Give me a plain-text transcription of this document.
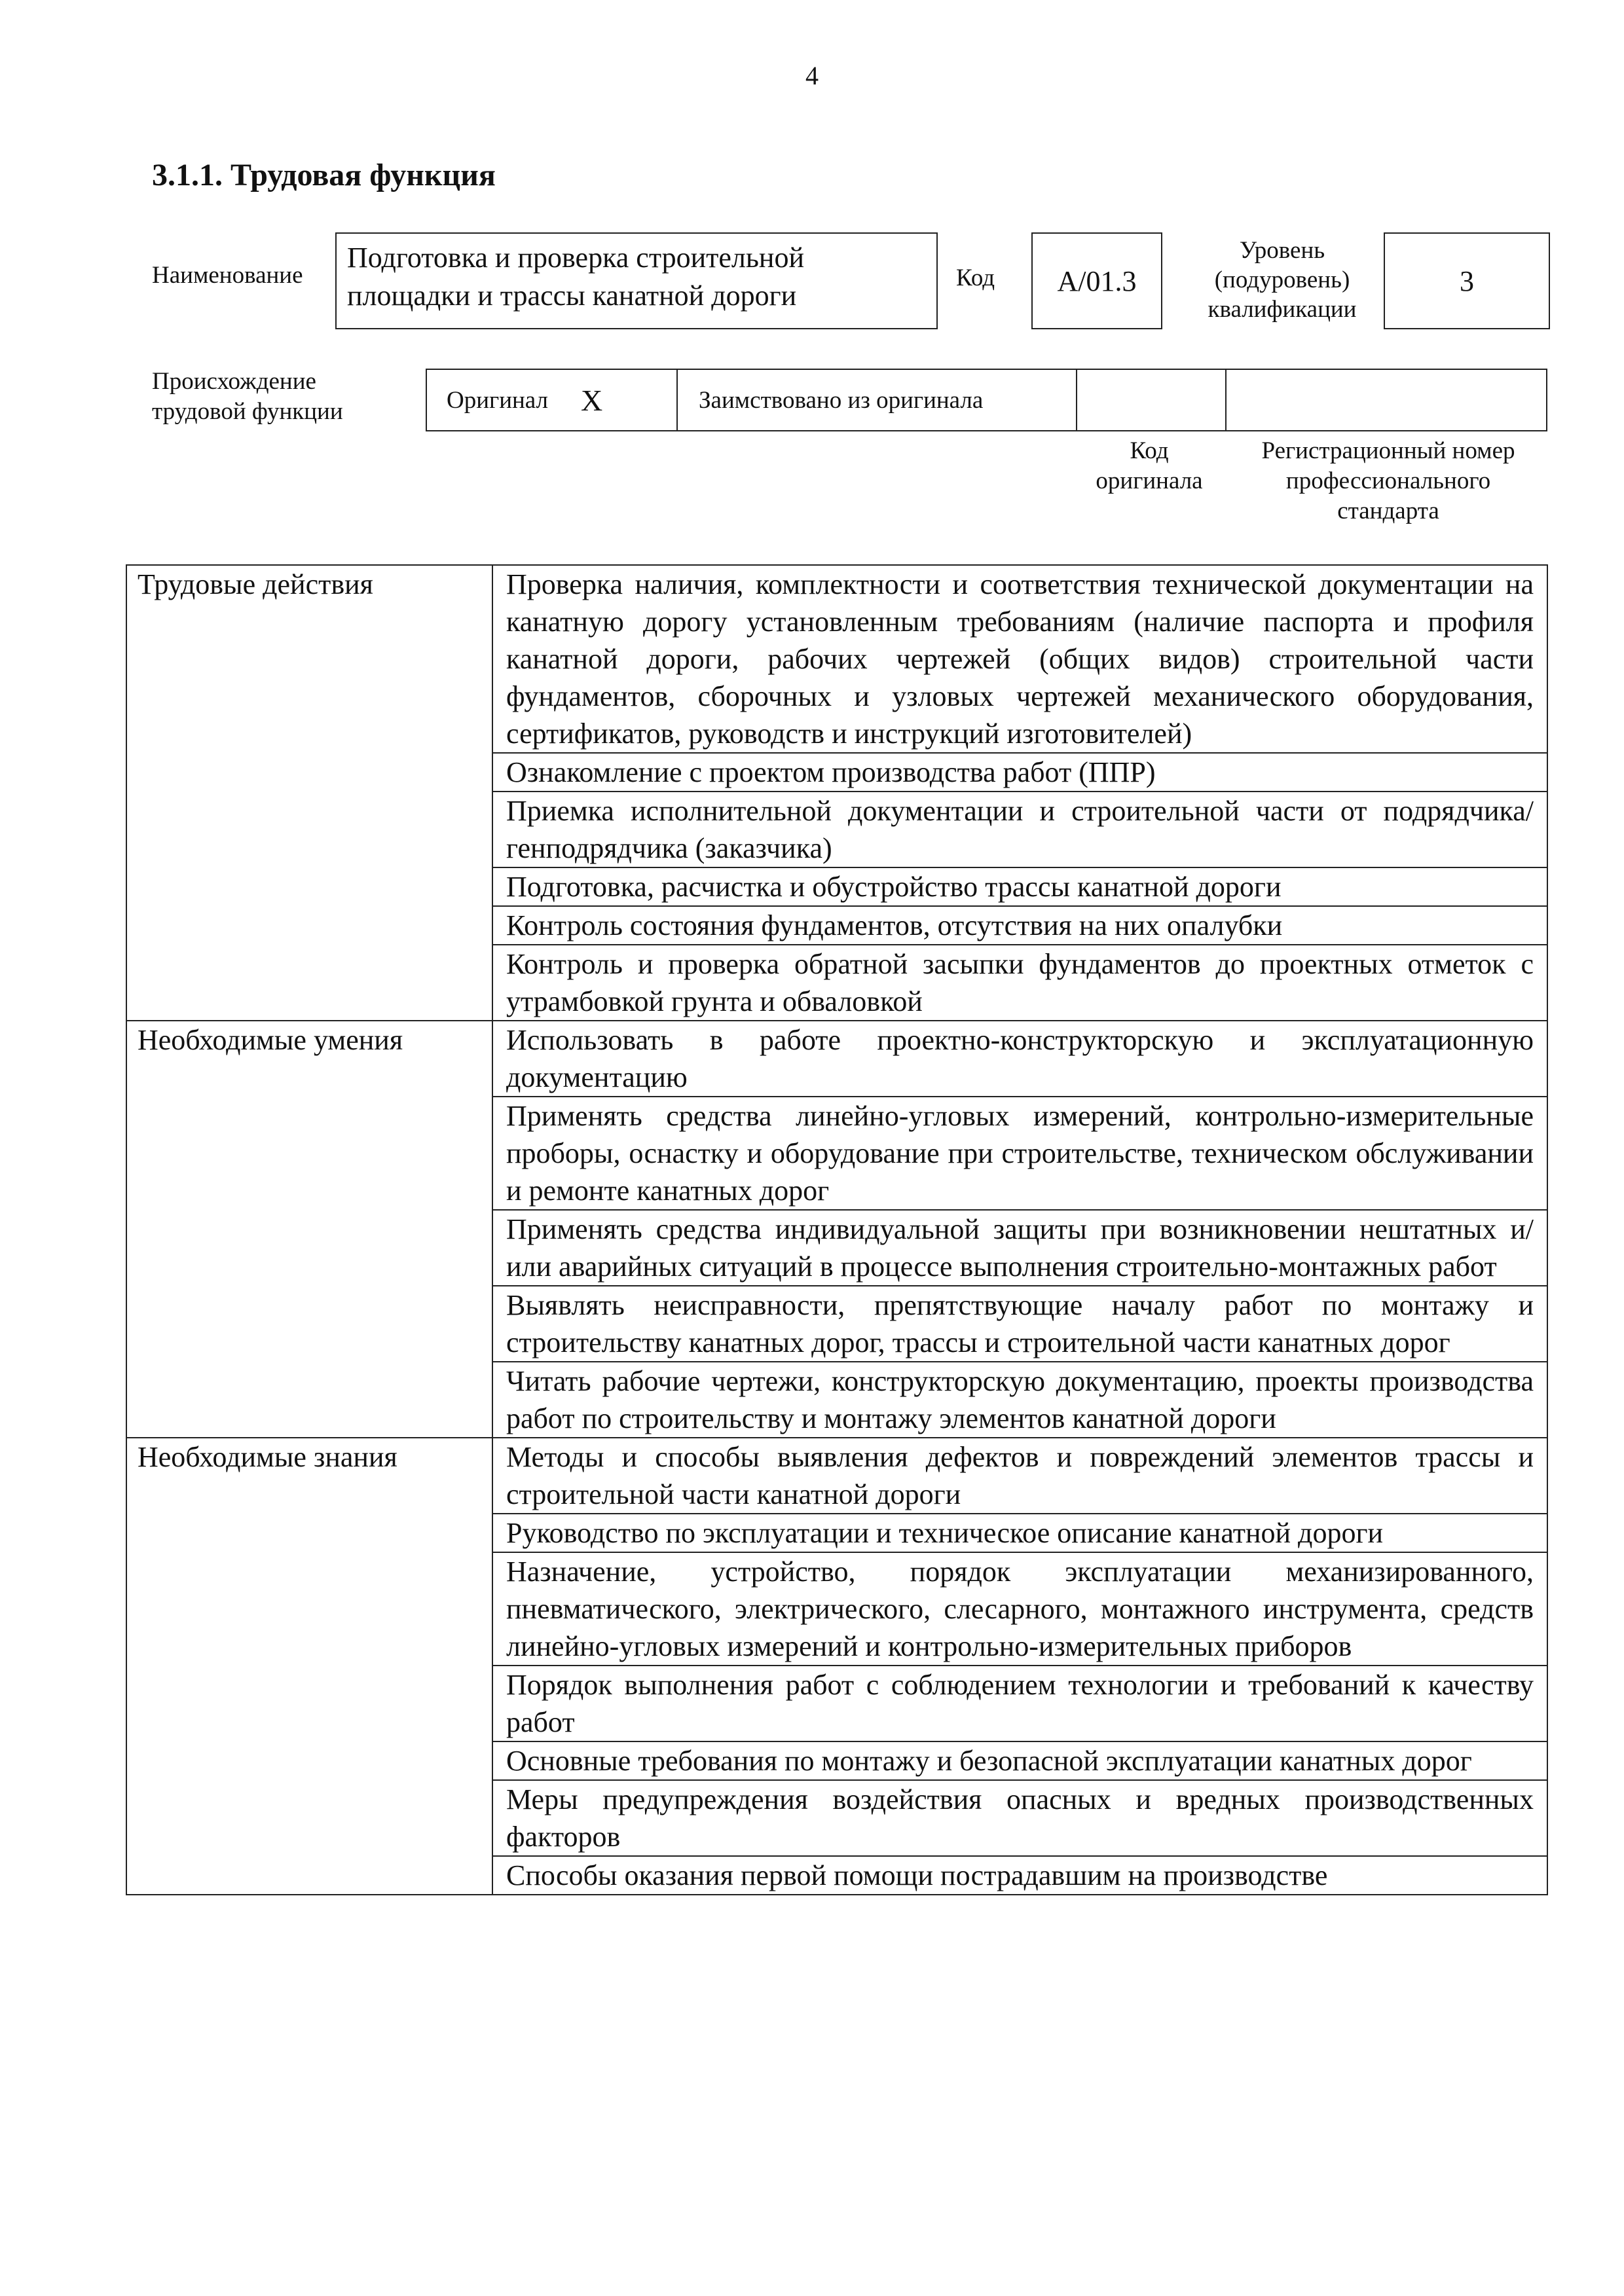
4
3.1.1. Трудовая функция
Наименование
Подготовка и проверка строительной площадки и трассы канатной дороги
Код A/01.3
Уровень
(подуровень)
квалификации
3
Происхождение
трудовой функции	Оригинал X	Заимствовано из оригинала
Код
оригинала
Регистрационный номер
профессионального
стандарта
Трудовые действия	Проверка наличия, комплектности и соответствия технической документации на канатную дорогу установленным требованиям (наличие паспорта и профиля канатной дороги, рабочих чертежей (общих видов) строительной части фундаментов, сборочных и узловых чертежей механического оборудования, сертификатов, руководств и инструкций изготовителей)
	Ознакомление с проектом производства работ (ППР)
	Приемка исполнительной документации и строительной части от подрядчика/генподрядчика (заказчика)
	Подготовка, расчистка и обустройство трассы канатной дороги
	Контроль состояния фундаментов, отсутствия на них опалубки
	Контроль и проверка обратной засыпки фундаментов до проектных отметок с утрамбовкой грунта и обваловкой
Необходимые умения	Использовать в работе проектно-конструкторскую и эксплуатационную документацию
	Применять средства линейно-угловых измерений, контрольно-измерительные проборы, оснастку и оборудование при строительстве, техническом обслуживании и ремонте канатных дорог
	Применять средства индивидуальной защиты при возникновении нештатных и/или аварийных ситуаций в процессе выполнения строительно-монтажных работ
	Выявлять неисправности, препятствующие началу работ по монтажу и строительству канатных дорог, трассы и строительной части канатных дорог
	Читать рабочие чертежи, конструкторскую документацию, проекты производства работ по строительству и монтажу элементов канатной дороги
Необходимые знания	Методы и способы выявления дефектов и повреждений элементов трассы и строительной части канатной дороги
	Руководство по эксплуатации и техническое описание канатной дороги
	Назначение, устройство, порядок эксплуатации механизированного, пневматического, электрического, слесарного, монтажного инструмента, средств линейно-угловых измерений и контрольно-измерительных приборов
	Порядок выполнения работ с соблюдением технологии и требований к качеству работ
	Основные требования по монтажу и безопасной эксплуатации канатных дорог
	Меры предупреждения воздействия опасных и вредных производственных факторов
	Способы оказания первой помощи пострадавшим на производстве
